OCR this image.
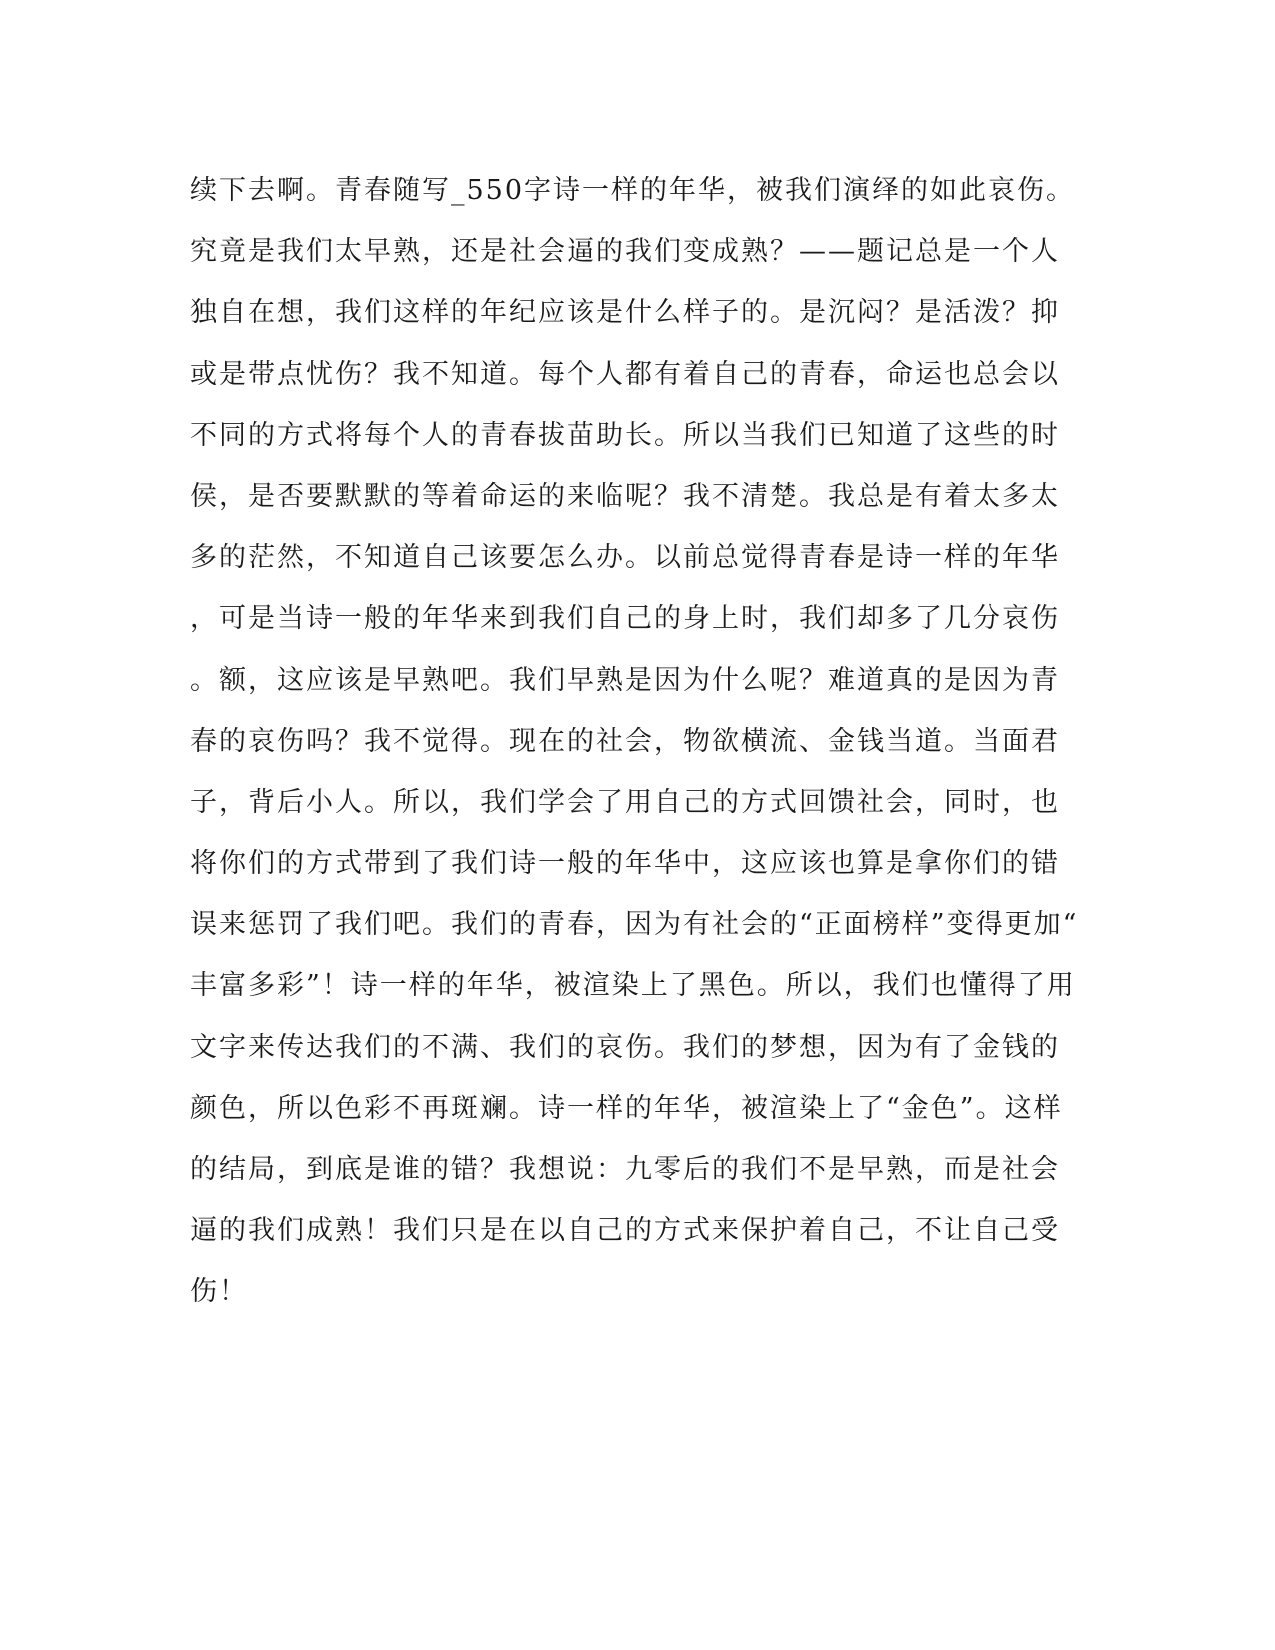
续下去啊。青春随写_550字诗一样的年华，被我们演绎的如此哀伤。
究竟是我们太早熟，还是社会逼的我们变成熟？——题记总是一个人
独自在想，我们这样的年纪应该是什么样子的。是沉闷？是活泼？抑
或是带点忧伤？我不知道。每个人都有着自己的青春，命运也总会以
不同的方式将每个人的青春拔苗助长。所以当我们已知道了这些的时
侯，是否要默默的等着命运的来临呢？我不清楚。我总是有着太多太
多的茫然，不知道自己该要怎么办。以前总觉得青春是诗一样的年华
，可是当诗一般的年华来到我们自己的身上时，我们却多了几分哀伤
。额，这应该是早熟吧。我们早熟是因为什么呢？难道真的是因为青
春的哀伤吗？我不觉得。现在的社会，物欲横流、金钱当道。当面君
子，背后小人。所以，我们学会了用自己的方式回馈社会，同时，也
将你们的方式带到了我们诗一般的年华中，这应该也算是拿你们的错
误来惩罚了我们吧。我们的青春，因为有社会的“正面榜样”变得更加“
丰富多彩”！诗一样的年华，被渲染上了黑色。所以，我们也懂得了用
文字来传达我们的不满、我们的哀伤。我们的梦想，因为有了金钱的
颜色，所以色彩不再斑斓。诗一样的年华，被渲染上了“金色”。这样
的结局，到底是谁的错？我想说：九零后的我们不是早熟，而是社会
逼的我们成熟！我们只是在以自己的方式来保护着自己，不让自己受
伤！
